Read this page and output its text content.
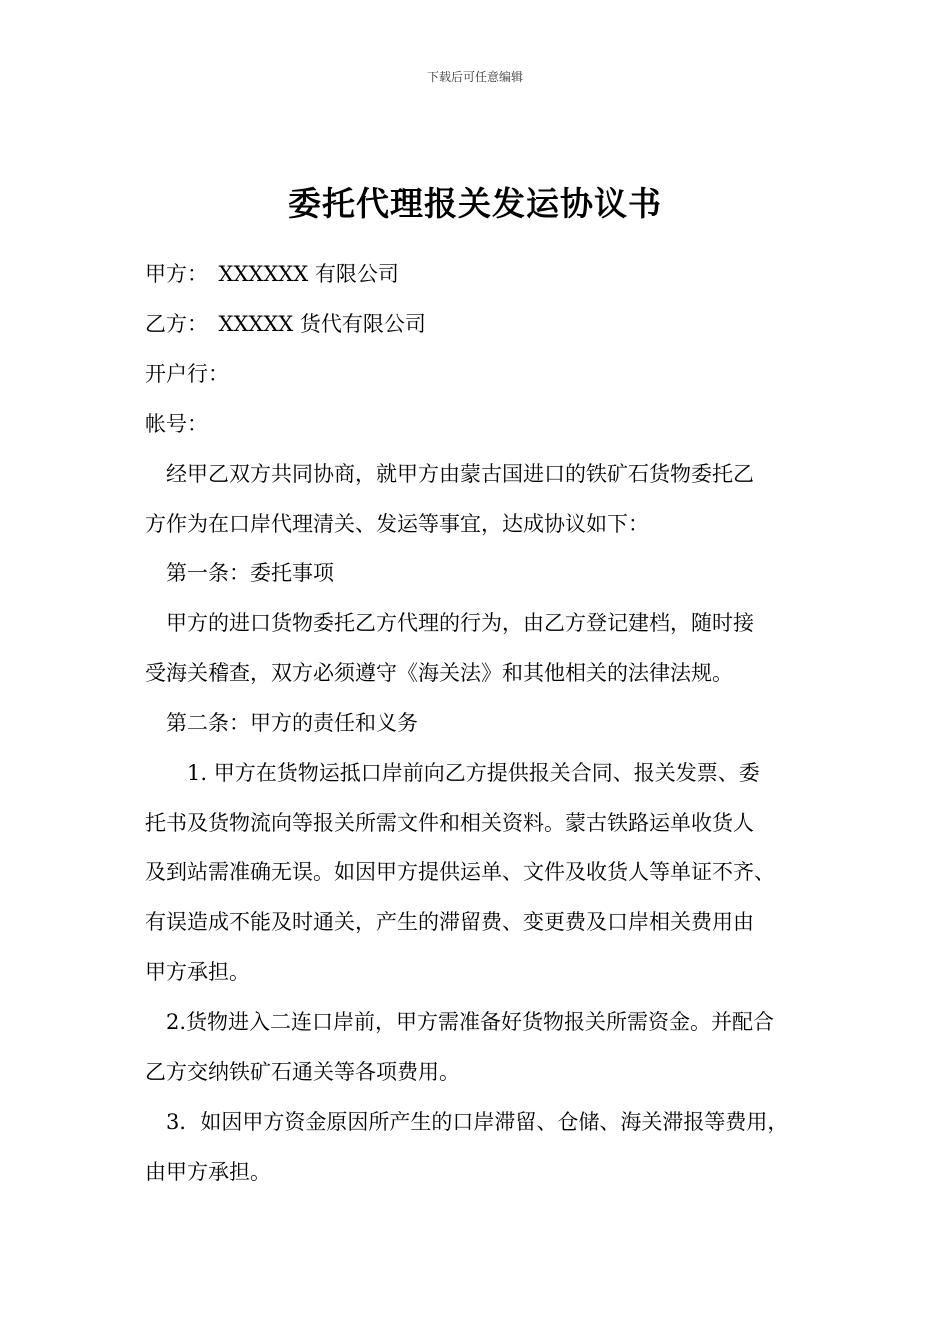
下载后可任意编辑
委托代理报关发运协议书
甲方：　XXXXXX 有限公司
乙方：　XXXXX 货代有限公司
开户行：
帐号：
　经甲乙双方共同协商，就甲方由蒙古国进口的铁矿石货物委托乙
方作为在口岸代理清关、发运等事宜，达成协议如下：
　第一条：委托事项
　甲方的进口货物委托乙方代理的行为，由乙方登记建档，随时接
受海关稽查，双方必须遵守《海关法》和其他相关的法律法规。
　第二条：甲方的责任和义务
　　1. 甲方在货物运抵口岸前向乙方提供报关合同、报关发票、委
托书及货物流向等报关所需文件和相关资料。蒙古铁路运单收货人
及到站需准确无误。如因甲方提供运单、文件及收货人等单证不齐、
有误造成不能及时通关，产生的滞留费、变更费及口岸相关费用由
甲方承担。
　2.货物进入二连口岸前，甲方需准备好货物报关所需资金。并配合
乙方交纳铁矿石通关等各项费用。
　3．如因甲方资金原因所产生的口岸滞留、仓储、海关滞报等费用，
由甲方承担。
